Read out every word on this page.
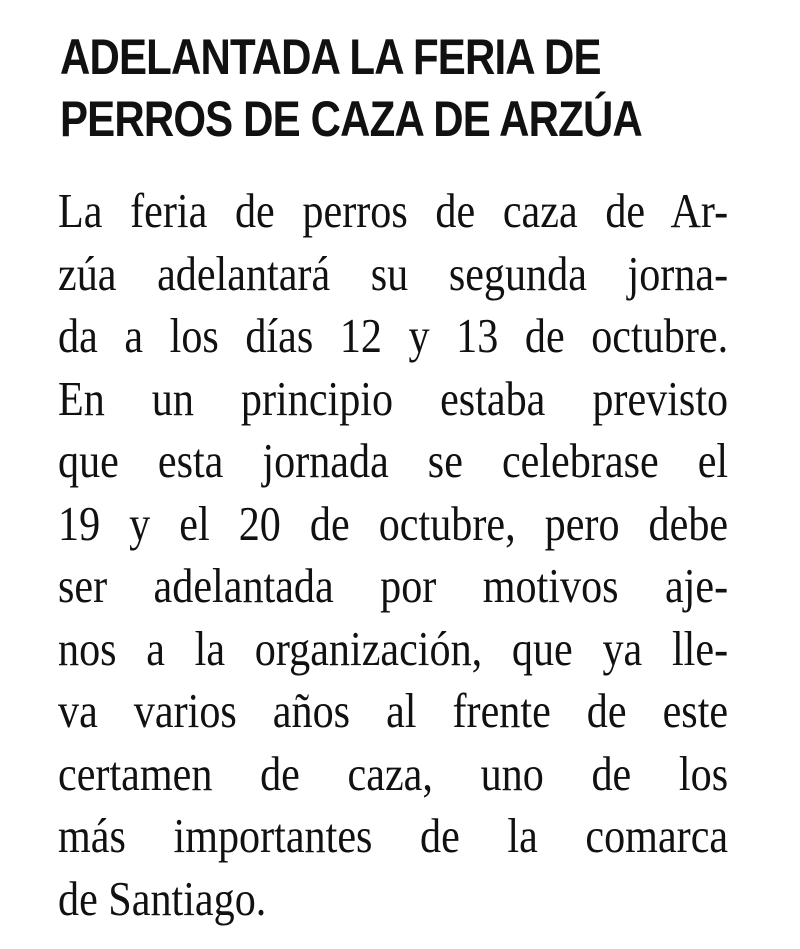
ADELANTADA LA FERIA DE
PERROS DE CAZA DE ARZÚA
La feria de perros de caza de Ar-
zúa adelantará su segunda jorna-
da a los días 12 y 13 de octubre.
En un principio estaba previsto
que esta jornada se celebrase el
19 y el 20 de octubre, pero debe
ser adelantada por motivos aje-
nos a la organización, que ya lle-
va varios años al frente de este
certamen de caza, uno de los
más importantes de la comarca
de Santiago.
